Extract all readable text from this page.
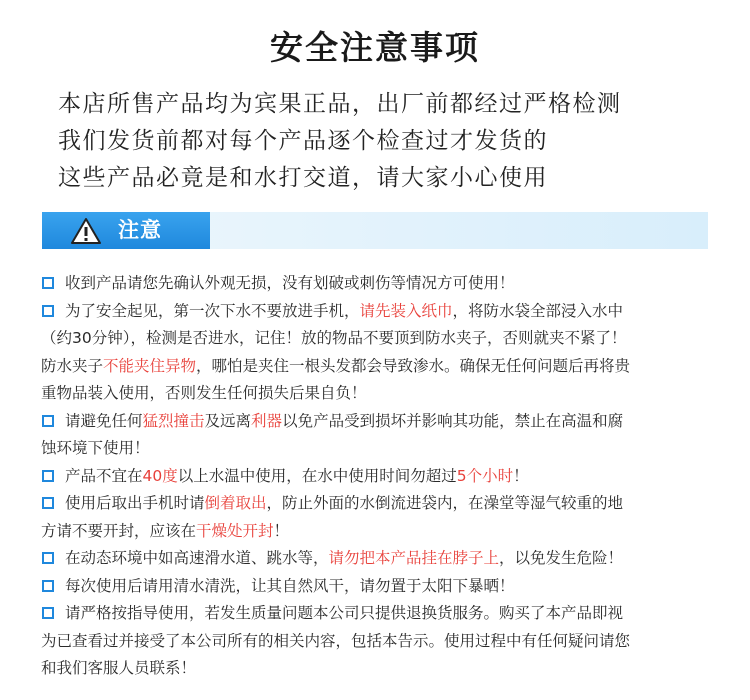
安全注意事项
本店所售产品均为宾果正品，出厂前都经过严格检测
我们发货前都对每个产品逐个检查过才发货的
这些产品必竟是和水打交道，请大家小心使用
注意
收到产品请您先确认外观无损，没有划破或刺伤等情况方可使用！
为了安全起见，第一次下水不要放进手机，请先装入纸巾，将防水袋全部浸入水中
（约30分钟），检测是否进水，记住！放的物品不要顶到防水夹子，否则就夹不紧了！
防水夹子不能夹住异物，哪怕是夹住一根头发都会导致渗水。确保无任何问题后再将贵
重物品装入使用，否则发生任何损失后果自负！
请避免任何猛烈撞击及远离利器以免产品受到损坏并影响其功能，禁止在高温和腐
蚀环境下使用！
产品不宜在40度以上水温中使用，在水中使用时间勿超过5个小时！
使用后取出手机时请倒着取出，防止外面的水倒流进袋内，在澡堂等湿气较重的地
方请不要开封，应该在干燥处开封！
在动态环境中如高速滑水道、跳水等，请勿把本产品挂在脖子上，以免发生危险！
每次使用后请用清水清洗，让其自然风干，请勿置于太阳下暴晒！
请严格按指导使用，若发生质量问题本公司只提供退换货服务。购买了本产品即视
为已查看过并接受了本公司所有的相关内容，包括本告示。使用过程中有任何疑问请您
和我们客服人员联系！
